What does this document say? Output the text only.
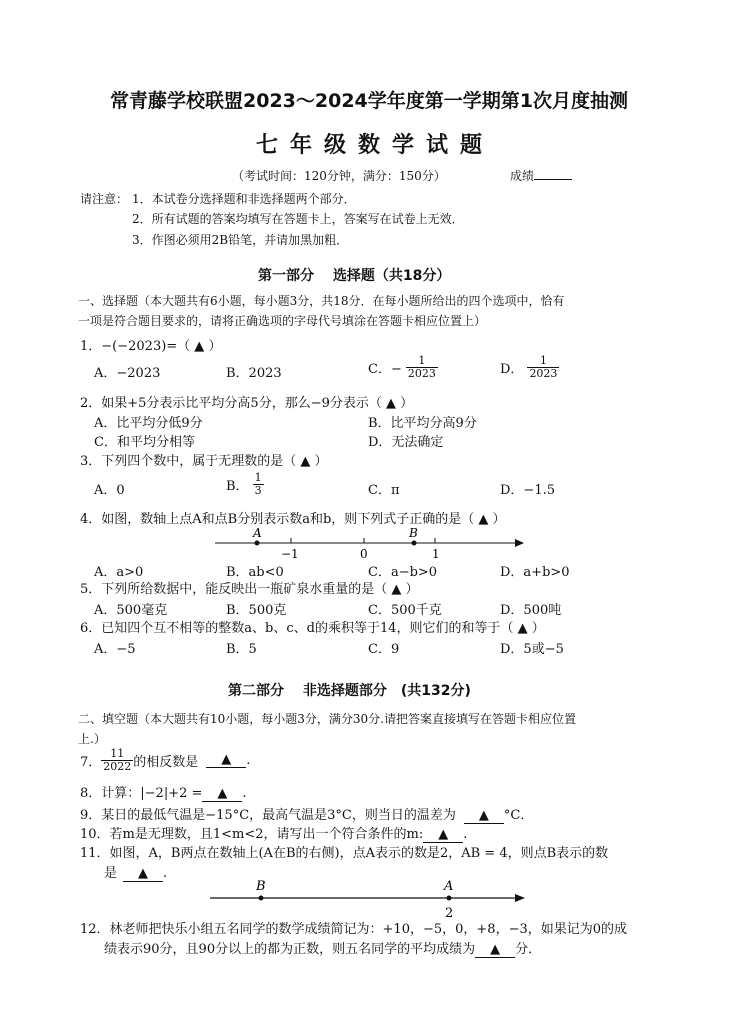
常青藤学校联盟2023～2024学年度第一学期第1次月度抽测
七年级数学试题
（考试时间：120分钟，满分：150分）	成绩
请注意： 1．本试卷分选择题和非选择题两个部分．
2．所有试题的答案均填写在答题卡上，答案写在试卷上无效．
3．作图必须用2B铅笔，并请加黑加粗．
第一部分　 选择题（共18分）
一、选择题（本大题共有6小题，每小题3分，共18分．在每小题所给出的四个选项中，恰有
一项是符合题目要求的，请将正确选项的字母代号填涂在答题卡相应位置上）
1．−(−2023)=（ ▲ ）
A．−2023	B．2023	C．− $\frac{1}{2023}$	D． $\frac{1}{2023}$
2．如果+5分表示比平均分高5分，那么−9分表示（ ▲ ）
A．比平均分低9分	B．比平均分高9分
C．和平均分相等	D．无法确定
3．下列四个数中，属于无理数的是（ ▲ ）
A．0	B． $\frac{1}{3}$	C．π	D．−1.5
4．如图，数轴上点A和点B分别表示数a和b，则下列式子正确的是（ ▲ ）
A	B
−1	0	1
A．a>0	B．ab<0	C．a−b>0	D．a+b>0
5．下列所给数据中，能反映出一瓶矿泉水重量的是（ ▲ ）
A．500毫克	B．500克	C．500千克	D．500吨
6．已知四个互不相等的整数a、b、c、d的乘积等于14，则它们的和等于（ ▲ ）
A．−5	B．5	C．9	D．5或−5
第二部分　 非选择题部分　(共132分)
二、填空题（本大题共有10小题，每小题3分，满分30分.请把答案直接填写在答题卡相应位置
上.）
7． $\frac{11}{2022}$ 的相反数是	▲	.
8．计算：|−2|+2 = ▲ .
9．某日的最低气温是−15°C，最高气温是3°C，则当日的温差为 ▲ °C．
10．若m是无理数，且1<m<2，请写出一个符合条件的m: ▲ .
11．如图，A，B两点在数轴上(A在B的右侧)，点A表示的数是2，AB = 4，则点B表示的数
是 ▲ .
B	A
2
12．林老师把快乐小组五名同学的数学成绩简记为：+10，−5，0，+8，−3，如果记为0的成
绩表示90分，且90分以上的都为正数，则五名同学的平均成绩为 ▲ 分．
